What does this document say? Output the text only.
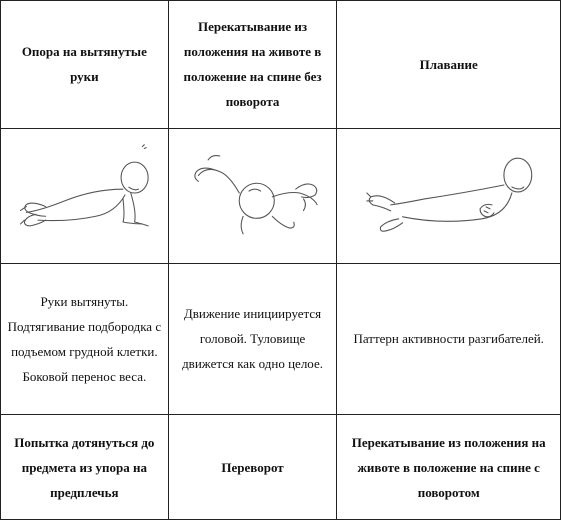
Опора на вытянутые руки	Перекатывание из положения на животе в положение на спине без поворота	Плавание

Руки вытянуты. Подтягивание подбородка с подъемом грудной клетки. Боковой перенос веса.	Движение инициируется головой. Туловище движется как одно целое.	Паттерн активности разгибателей.
Попытка дотянуться до предмета из упора на предплечья	Переворот	Перекатывание из положения на животе в положение на спине с поворотом
